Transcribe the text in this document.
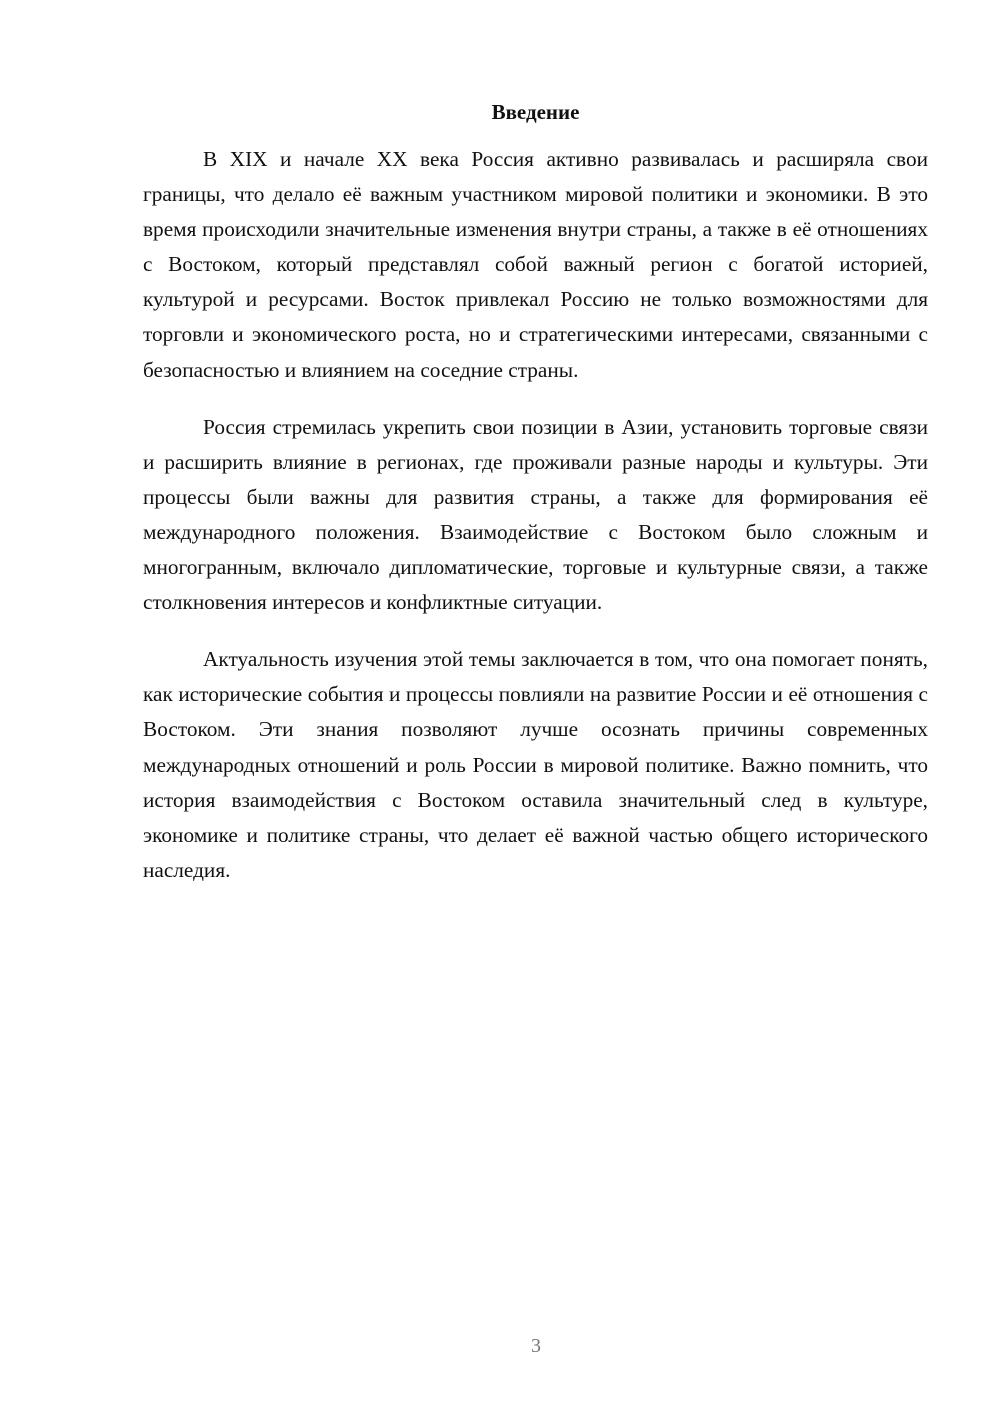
Введение

В XIX и начале XX века Россия активно развивалась и расширяла свои границы, что делало её важным участником мировой политики и экономики. В это время происходили значительные изменения внутри страны, а также в её отношениях с Востоком, который представлял собой важный регион с богатой историей, культурой и ресурсами. Восток привлекал Россию не только возможностями для торговли и экономического роста, но и стратегическими интересами, связанными с безопасностью и влиянием на соседние страны.

Россия стремилась укрепить свои позиции в Азии, установить торговые связи и расширить влияние в регионах, где проживали разные народы и культуры. Эти процессы были важны для развития страны, а также для формирования её международного положения. Взаимодействие с Востоком было сложным и многогранным, включало дипломатические, торговые и культурные связи, а также столкновения интересов и конфликтные ситуации.

Актуальность изучения этой темы заключается в том, что она помогает понять, как исторические события и процессы повлияли на развитие России и её отношения с Востоком. Эти знания позволяют лучше осознать причины современных международных отношений и роль России в мировой политике. Важно помнить, что история взаимодействия с Востоком оставила значительный след в культуре, экономике и политике страны, что делает её важной частью общего исторического наследия.

3
